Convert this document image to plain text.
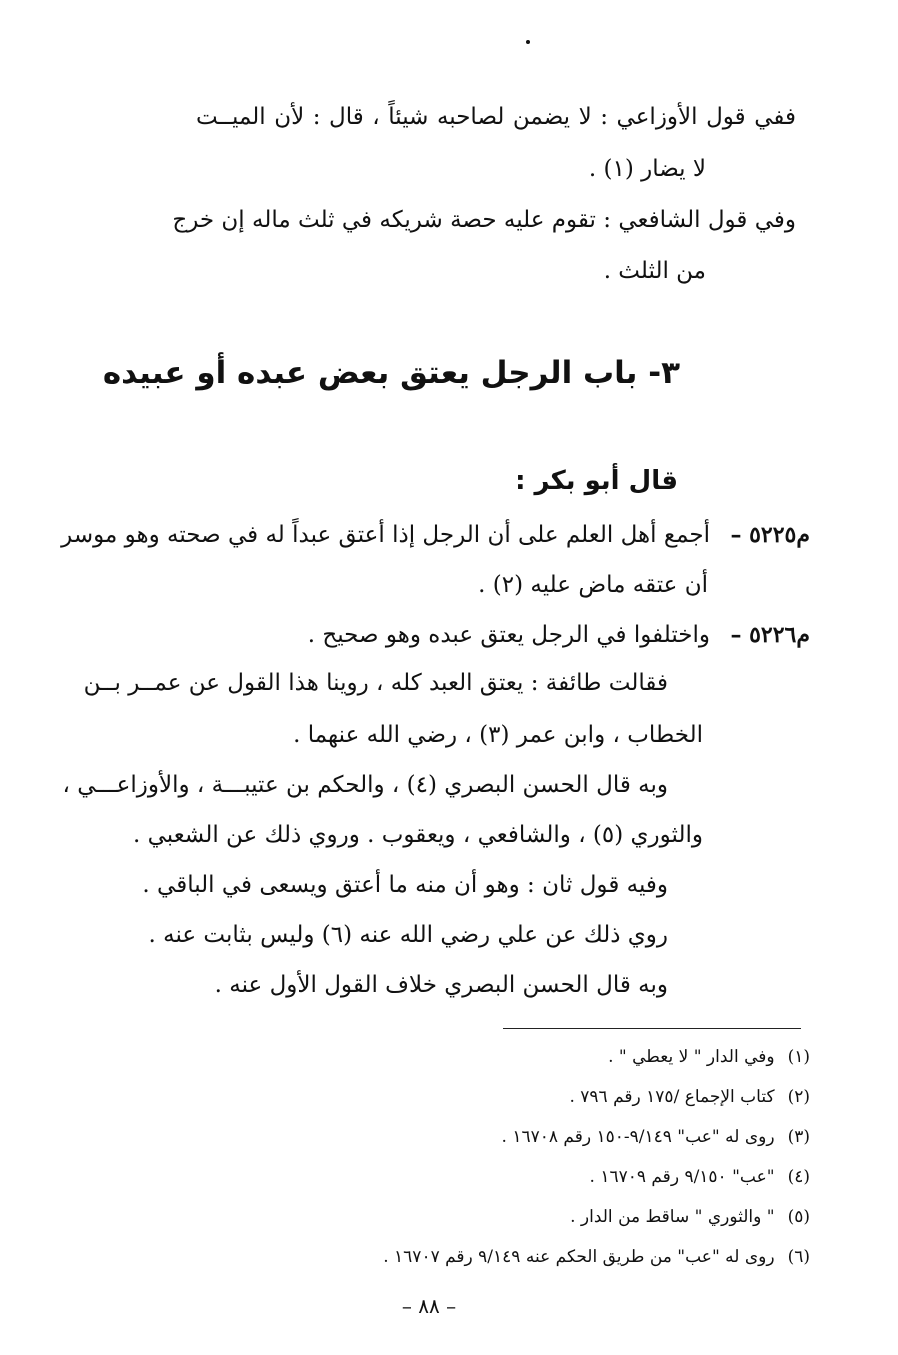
ففي قول الأوزاعي : لا يضمن لصاحبه شيئاً ، قال : لأن الميــت
لا يضار (١) .
وفي قول الشافعي : تقوم عليه حصة شريكه في ثلث ماله إن خرج
من الثلث .
٣- باب الرجل يعتق بعض عبده أو عبيده
قال أبو بكر :
م٥٢٢٥ –
أجمع أهل العلم على أن الرجل إذا أعتق عبداً له في صحته وهو موسر
أن عتقه ماض عليه (٢) .
م٥٢٢٦ –
واختلفوا في الرجل يعتق عبده وهو صحيح .
فقالت طائفة : يعتق العبد كله ، روينا هذا القول عن عمــر بــن
الخطاب ، وابن عمر (٣) ، رضي الله عنهما .
وبه قال الحسن البصري (٤) ، والحكم بن عتيبـــة ، والأوزاعـــي ،
والثوري (٥) ، والشافعي ، ويعقوب . وروي ذلك عن الشعبي .
وفيه قول ثان : وهو أن منه ما أعتق ويسعى في الباقي .
روي ذلك عن علي رضي الله عنه (٦) وليس بثابت عنه .
وبه قال الحسن البصري خلاف القول الأول عنه .
(١) وفي الدار " لا يعطي " .
(٢) كتاب الإجماع /١٧٥ رقم ٧٩٦ .
(٣) روى له "عب" ٩/١٤٩-١٥٠ رقم ١٦٧٠٨ .
(٤) "عب" ٩/١٥٠ رقم ١٦٧٠٩ .
(٥) " والثوري " ساقط من الدار .
(٦) روى له "عب" من طريق الحكم عنه ٩/١٤٩ رقم ١٦٧٠٧ .
– ٨٨ –
